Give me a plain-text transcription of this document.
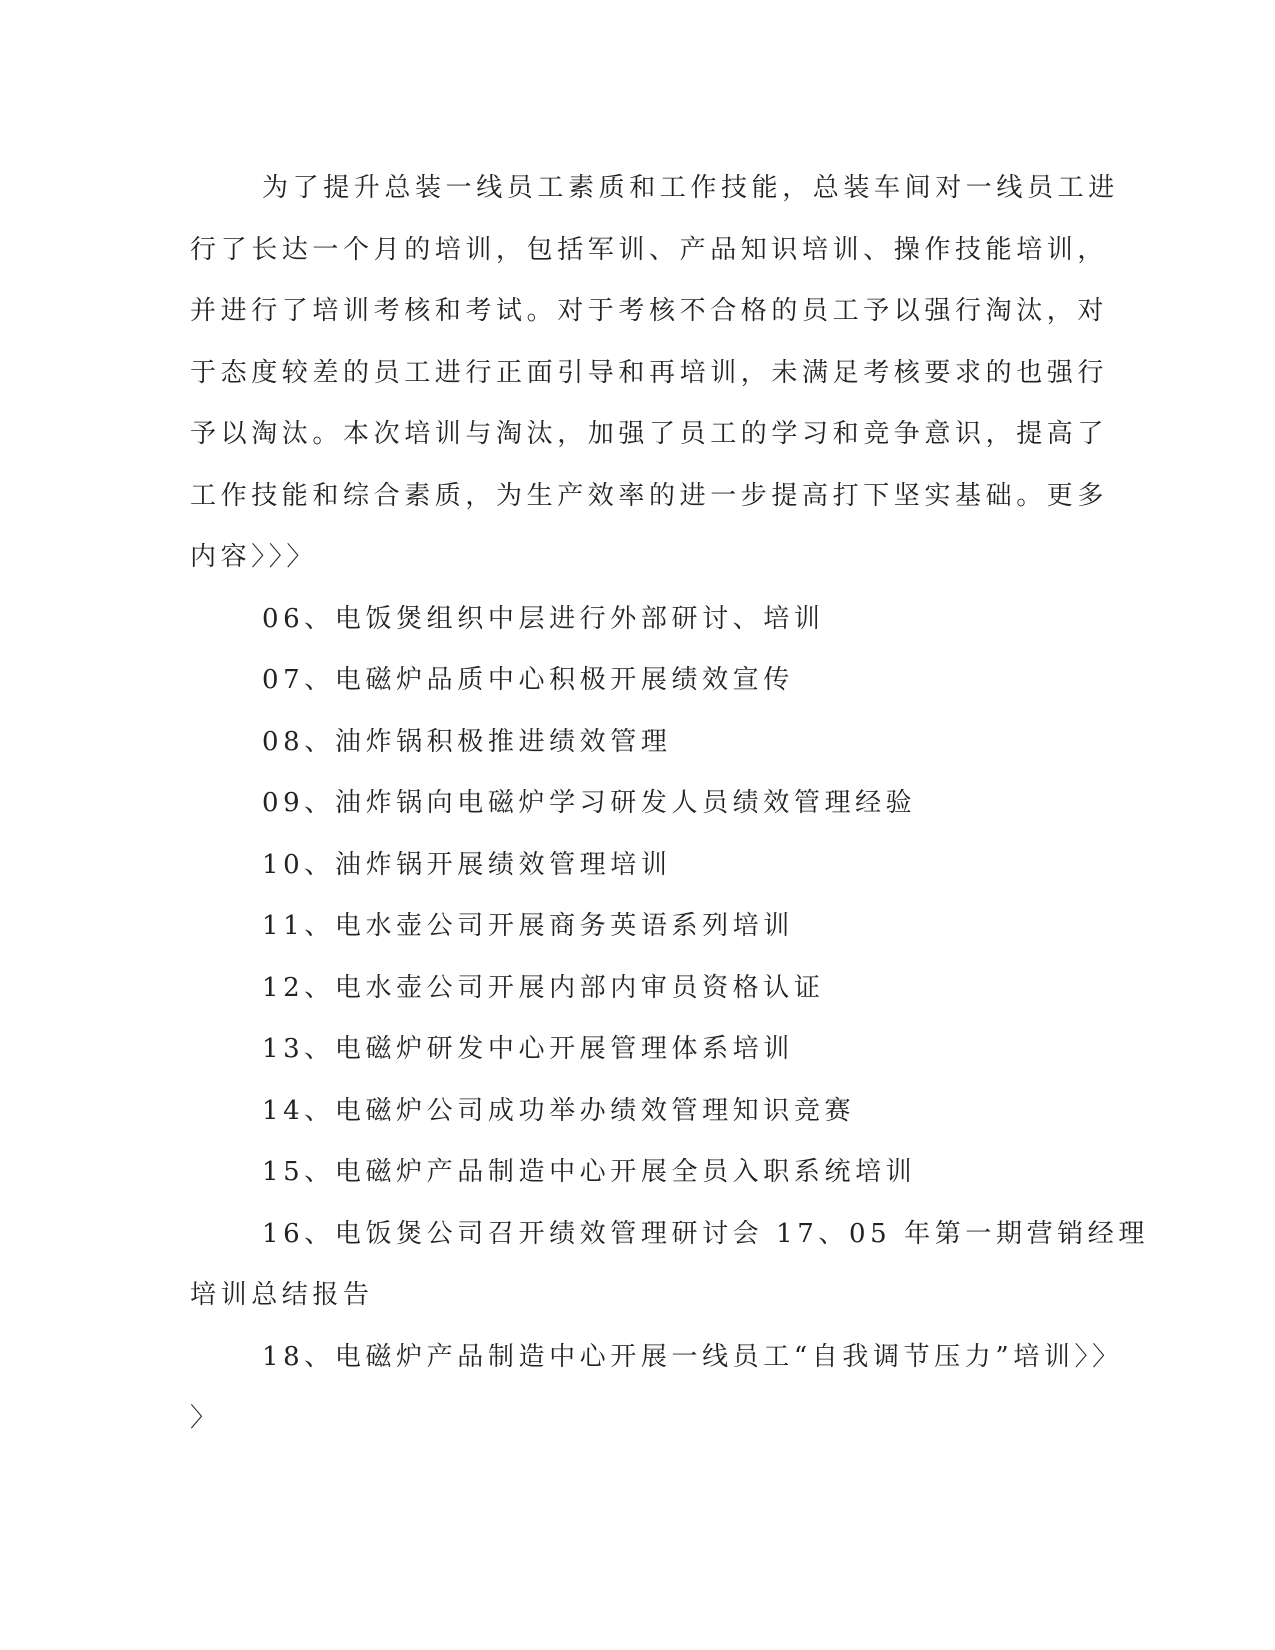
为了提升总装一线员工素质和工作技能，总装车间对一线员工进
行了长达一个月的培训，包括军训、产品知识培训、操作技能培训，
并进行了培训考核和考试。对于考核不合格的员工予以强行淘汰，对
于态度较差的员工进行正面引导和再培训，未满足考核要求的也强行
予以淘汰。本次培训与淘汰，加强了员工的学习和竞争意识，提高了
工作技能和综合素质，为生产效率的进一步提高打下坚实基础。更多
内容〉〉〉
06、电饭煲组织中层进行外部研讨、培训
07、电磁炉品质中心积极开展绩效宣传
08、油炸锅积极推进绩效管理
09、油炸锅向电磁炉学习研发人员绩效管理经验
10、油炸锅开展绩效管理培训
11、电水壶公司开展商务英语系列培训
12、电水壶公司开展内部内审员资格认证
13、电磁炉研发中心开展管理体系培训
14、电磁炉公司成功举办绩效管理知识竞赛
15、电磁炉产品制造中心开展全员入职系统培训
16、电饭煲公司召开绩效管理研讨会 17、05 年第一期营销经理
培训总结报告
18、电磁炉产品制造中心开展一线员工“自我调节压力”培训〉〉
〉
